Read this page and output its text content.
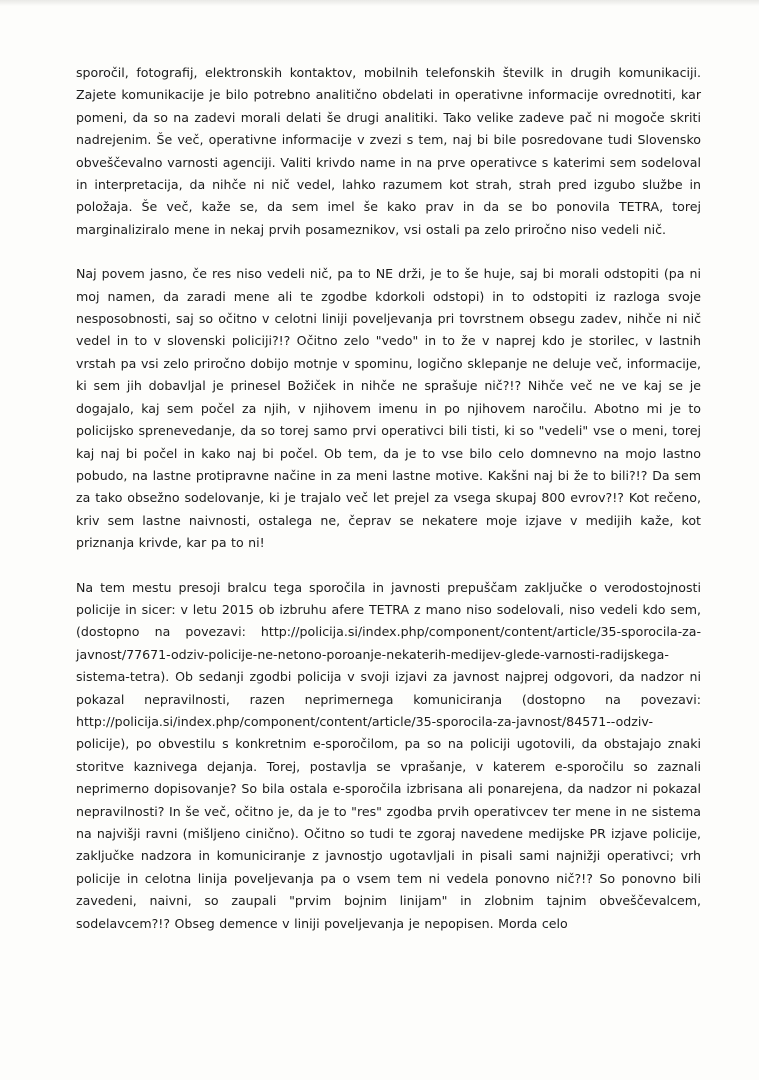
sporočil, fotografij, elektronskih kontaktov, mobilnih telefonskih številk in drugih komunikaciji. Zajete komunikacije je bilo potrebno analitično obdelati in operativne informacije ovrednotiti, kar pomeni, da so na zadevi morali delati še drugi analitiki. Tako velike zadeve pač ni mogoče skriti nadrejenim. Še več, operativne informacije v zvezi s tem, naj bi bile posredovane tudi Slovensko obveščevalno varnosti agenciji. Valiti krivdo name in na prve operativce s katerimi sem sodeloval in interpretacija, da nihče ni nič vedel, lahko razumem kot strah, strah pred izgubo službe in položaja. Še več, kaže se, da sem imel še kako prav in da se bo ponovila TETRA, torej marginaliziralo mene in nekaj prvih posameznikov, vsi ostali pa zelo priročno niso vedeli nič.

Naj povem jasno, če res niso vedeli nič, pa to NE drži, je to še huje, saj bi morali odstopiti (pa ni moj namen, da zaradi mene ali te zgodbe kdorkoli odstopi) in to odstopiti iz razloga svoje nesposobnosti, saj so očitno v celotni liniji poveljevanja pri tovrstnem obsegu zadev, nihče ni nič vedel in to v slovenski policiji?!? Očitno zelo "vedo" in to že v naprej kdo je storilec, v lastnih vrstah pa vsi zelo priročno dobijo motnje v spominu, logično sklepanje ne deluje več, informacije, ki sem jih dobavljal je prinesel Božiček in nihče ne sprašuje nič?!? Nihče več ne ve kaj se je dogajalo, kaj sem počel za njih, v njihovem imenu in po njihovem naročilu. Abotno mi je to policijsko sprenevedanje, da so torej samo prvi operativci bili tisti, ki so "vedeli" vse o meni, torej kaj naj bi počel in kako naj bi počel. Ob tem, da je to vse bilo celo domnevno na mojo lastno pobudo, na lastne protipravne načine in za meni lastne motive. Kakšni naj bi že to bili?!? Da sem za tako obsežno sodelovanje, ki je trajalo več let prejel za vsega skupaj 800 evrov?!? Kot rečeno, kriv sem lastne naivnosti, ostalega ne, čeprav se nekatere moje izjave v medijih kaže, kot priznanja krivde, kar pa to ni!

Na tem mestu presoji bralcu tega sporočila in javnosti prepuščam zaključke o verodostojnosti policije in sicer: v letu 2015 ob izbruhu afere TETRA z mano niso sodelovali, niso vedeli kdo sem, (dostopno na povezavi: http://policija.si/index.php/component/content/article/35-sporocila-za-javnost/77671-odziv-policije-ne-netono-poroanje-nekaterih-medijev-glede-varnosti-radijskega-sistema-tetra). Ob sedanji zgodbi policija v svoji izjavi za javnost najprej odgovori, da nadzor ni pokazal nepravilnosti, razen neprimernega komuniciranja (dostopno na povezavi: http://policija.si/index.php/component/content/article/35-sporocila-za-javnost/84571--odziv-policije), po obvestilu s konkretnim e-sporočilom, pa so na policiji ugotovili, da obstajajo znaki storitve kaznivega dejanja. Torej, postavlja se vprašanje, v katerem e-sporočilu so zaznali neprimerno dopisovanje? So bila ostala e-sporočila izbrisana ali ponarejena, da nadzor ni pokazal nepravilnosti? In še več, očitno je, da je to "res" zgodba prvih operativcev ter mene in ne sistema na najvišji ravni (mišljeno cinično). Očitno so tudi te zgoraj navedene medijske PR izjave policije, zaključke nadzora in komuniciranje z javnostjo ugotavljali in pisali sami najnižji operativci; vrh policije in celotna linija poveljevanja pa o vsem tem ni vedela ponovno nič?!? So ponovno bili zavedeni, naivni, so zaupali "prvim bojnim linijam" in zlobnim tajnim obveščevalcem, sodelavcem?!? Obseg demence v liniji poveljevanja je nepopisen. Morda celo
